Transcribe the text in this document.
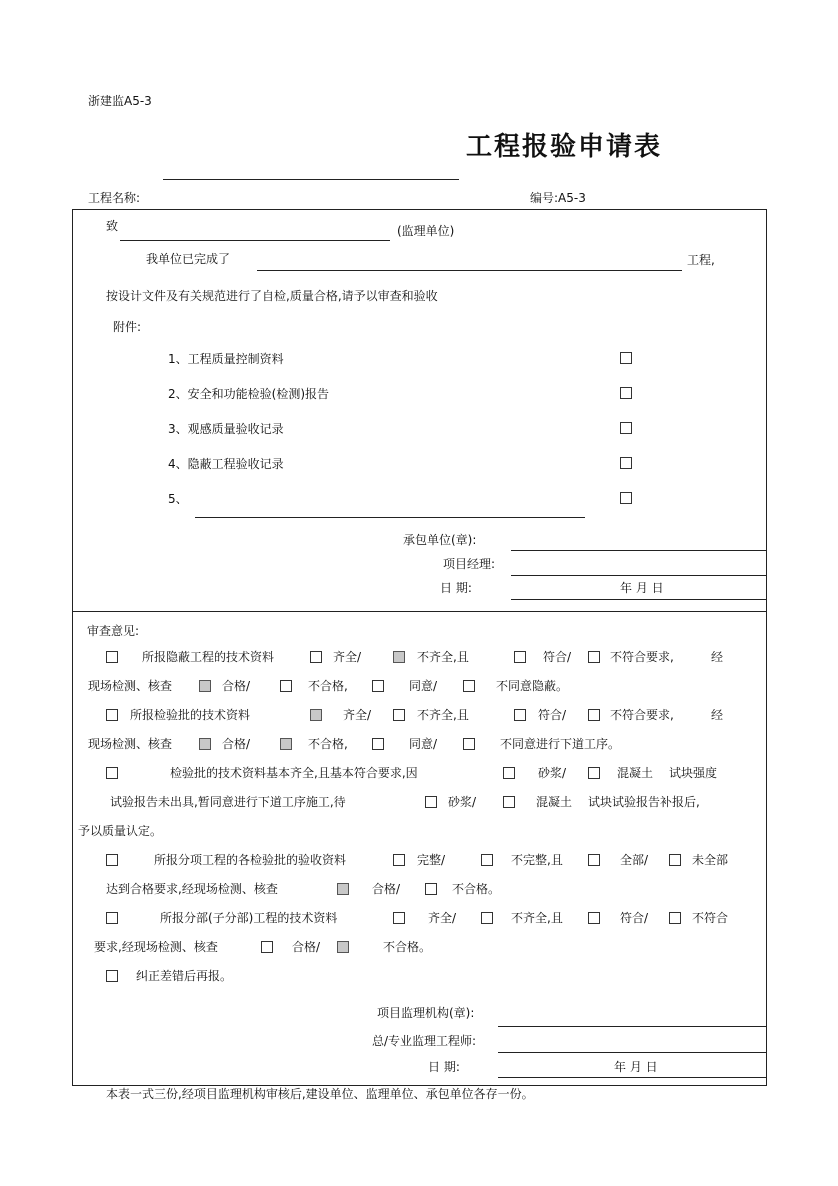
浙建监A5-3
工程报验申请表
工程名称:	编号:A5-3
致	(监理单位)
我单位已完成了	工程,
按设计文件及有关规范进行了自检,质量合格,请予以审查和验收
附件:
1、工程质量控制资料
2、安全和功能检验(检测)报告
3、观感质量验收记录
4、隐蔽工程验收记录
5、
承包单位(章):
项目经理:
日 期:	年 月 日
审查意见:
所报隐蔽工程的技术资料	齐全/	不齐全,且	符合/	不符合要求,	经
现场检测、核查	合格/	不合格,	同意/	不同意隐蔽。
所报检验批的技术资料	齐全/	不齐全,且	符合/	不符合要求,	经
现场检测、核查	合格/	不合格,	同意/	不同意进行下道工序。
检验批的技术资料基本齐全,且基本符合要求,因	砂浆/	混凝土 试块强度
试验报告未出具,暂同意进行下道工序施工,待	砂浆/	混凝土 试块试验报告补报后,
予以质量认定。
所报分项工程的各检验批的验收资料	完整/	不完整,且	全部/	未全部
达到合格要求,经现场检测、核查	合格/	不合格。
所报分部(子分部)工程的技术资料	齐全/	不齐全,且	符合/	不符合
要求,经现场检测、核查	合格/	不合格。
纠正差错后再报。
项目监理机构(章):
总/专业监理工程师:
日 期:	年 月 日
本表一式三份,经项目监理机构审核后,建设单位、监理单位、承包单位各存一份。
